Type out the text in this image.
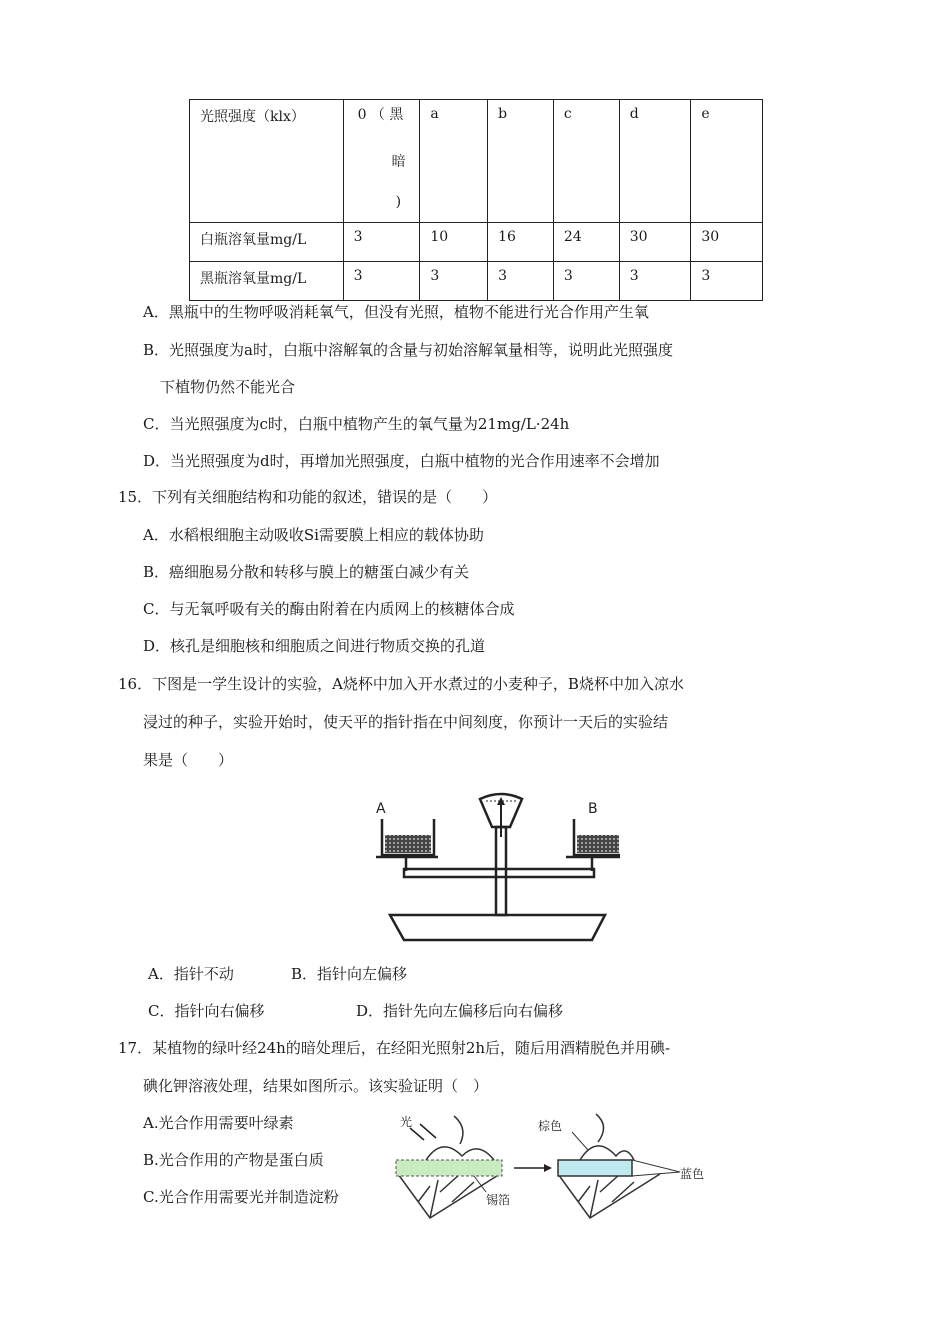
光照强度（klx）	0 （ 黑
暗
)	a	b	c	d	e
白瓶溶氧量mg/L	3	10	16	24	30	30
黑瓶溶氧量mg/L	3	3	3	3	3	3
A．黑瓶中的生物呼吸消耗氧气，但没有光照，植物不能进行光合作用产生氧
B．光照强度为a时，白瓶中溶解氧的含量与初始溶解氧量相等，说明此光照强度
下植物仍然不能光合
C．当光照强度为c时，白瓶中植物产生的氧气量为21mg/L·24h
D．当光照强度为d时，再增加光照强度，白瓶中植物的光合作用速率不会增加
15．下列有关细胞结构和功能的叙述，错误的是（　　）
A．水稻根细胞主动吸收Si需要膜上相应的载体协助
B．癌细胞易分散和转移与膜上的糖蛋白减少有关
C．与无氧呼吸有关的酶由附着在内质网上的核糖体合成
D．核孔是细胞核和细胞质之间进行物质交换的孔道
16．下图是一学生设计的实验，A烧杯中加入开水煮过的小麦种子，B烧杯中加入凉水
浸过的种子，实验开始时，使天平的指针指在中间刻度，你预计一天后的实验结
果是（　　）
A	B
A．指针不动	B．指针向左偏移
C．指针向右偏移	D．指针先向左偏移后向右偏移
17．某植物的绿叶经24h的暗处理后，在经阳光照射2h后，随后用酒精脱色并用碘-
碘化钾溶液处理，结果如图所示。该实验证明（　）
A.光合作用需要叶绿素
B.光合作用的产物是蛋白质
C.光合作用需要光并制造淀粉
光
锡箔
棕色
蓝色
